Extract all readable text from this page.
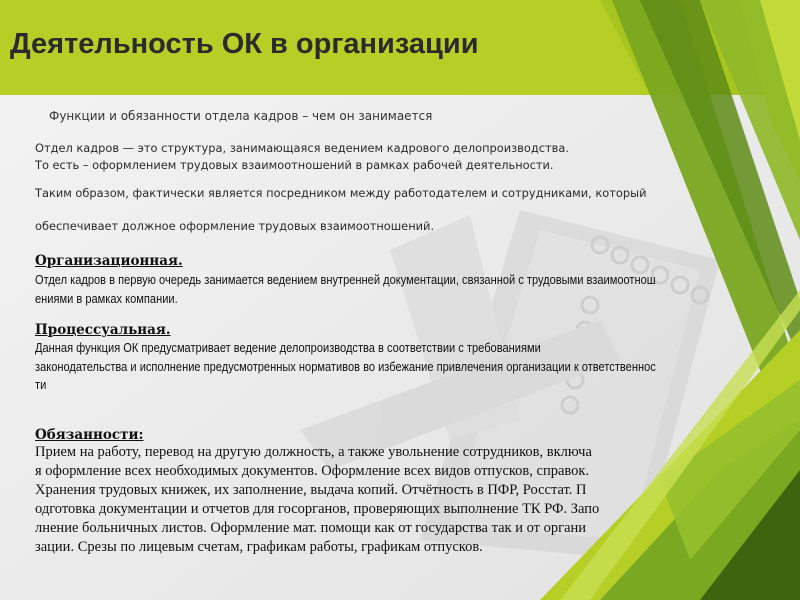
Деятельность ОК в организации
Функции и обязанности отдела кадров – чем он занимается
Отдел кадров — это структура, занимающаяся ведением кадрового делопроизводства.
То есть – оформлением трудовых взаимоотношений в рамках рабочей деятельности.
Таким образом, фактически является посредником между работодателем и сотрудниками, который
обеспечивает должное оформление трудовых взаимоотношений.
Организационная.
Отдел кадров в первую очередь занимается ведением внутренней документации, связанной с трудовыми взаимоотнош
ениями в рамках компании.
Процессуальная.
Данная функция ОК предусматривает ведение делопроизводства в соответствии с требованиями
законодательства и исполнение предусмотренных нормативов во избежание привлечения организации к ответственнос
ти
Обязанности:
Прием на работу, перевод на другую должность, а также увольнение сотрудников, включа
я оформление всех необходимых документов. Оформление всех видов отпусков, справок.
Хранения трудовых книжек, их заполнение, выдача копий. Отчётность в ПФР, Росстат. П
одготовка документации и отчетов для госорганов, проверяющих выполнение ТК РФ. Запо
лнение больничных листов. Оформление мат. помощи как от государства так и от органи
зации. Срезы по лицевым счетам, графикам работы, графикам отпусков.
